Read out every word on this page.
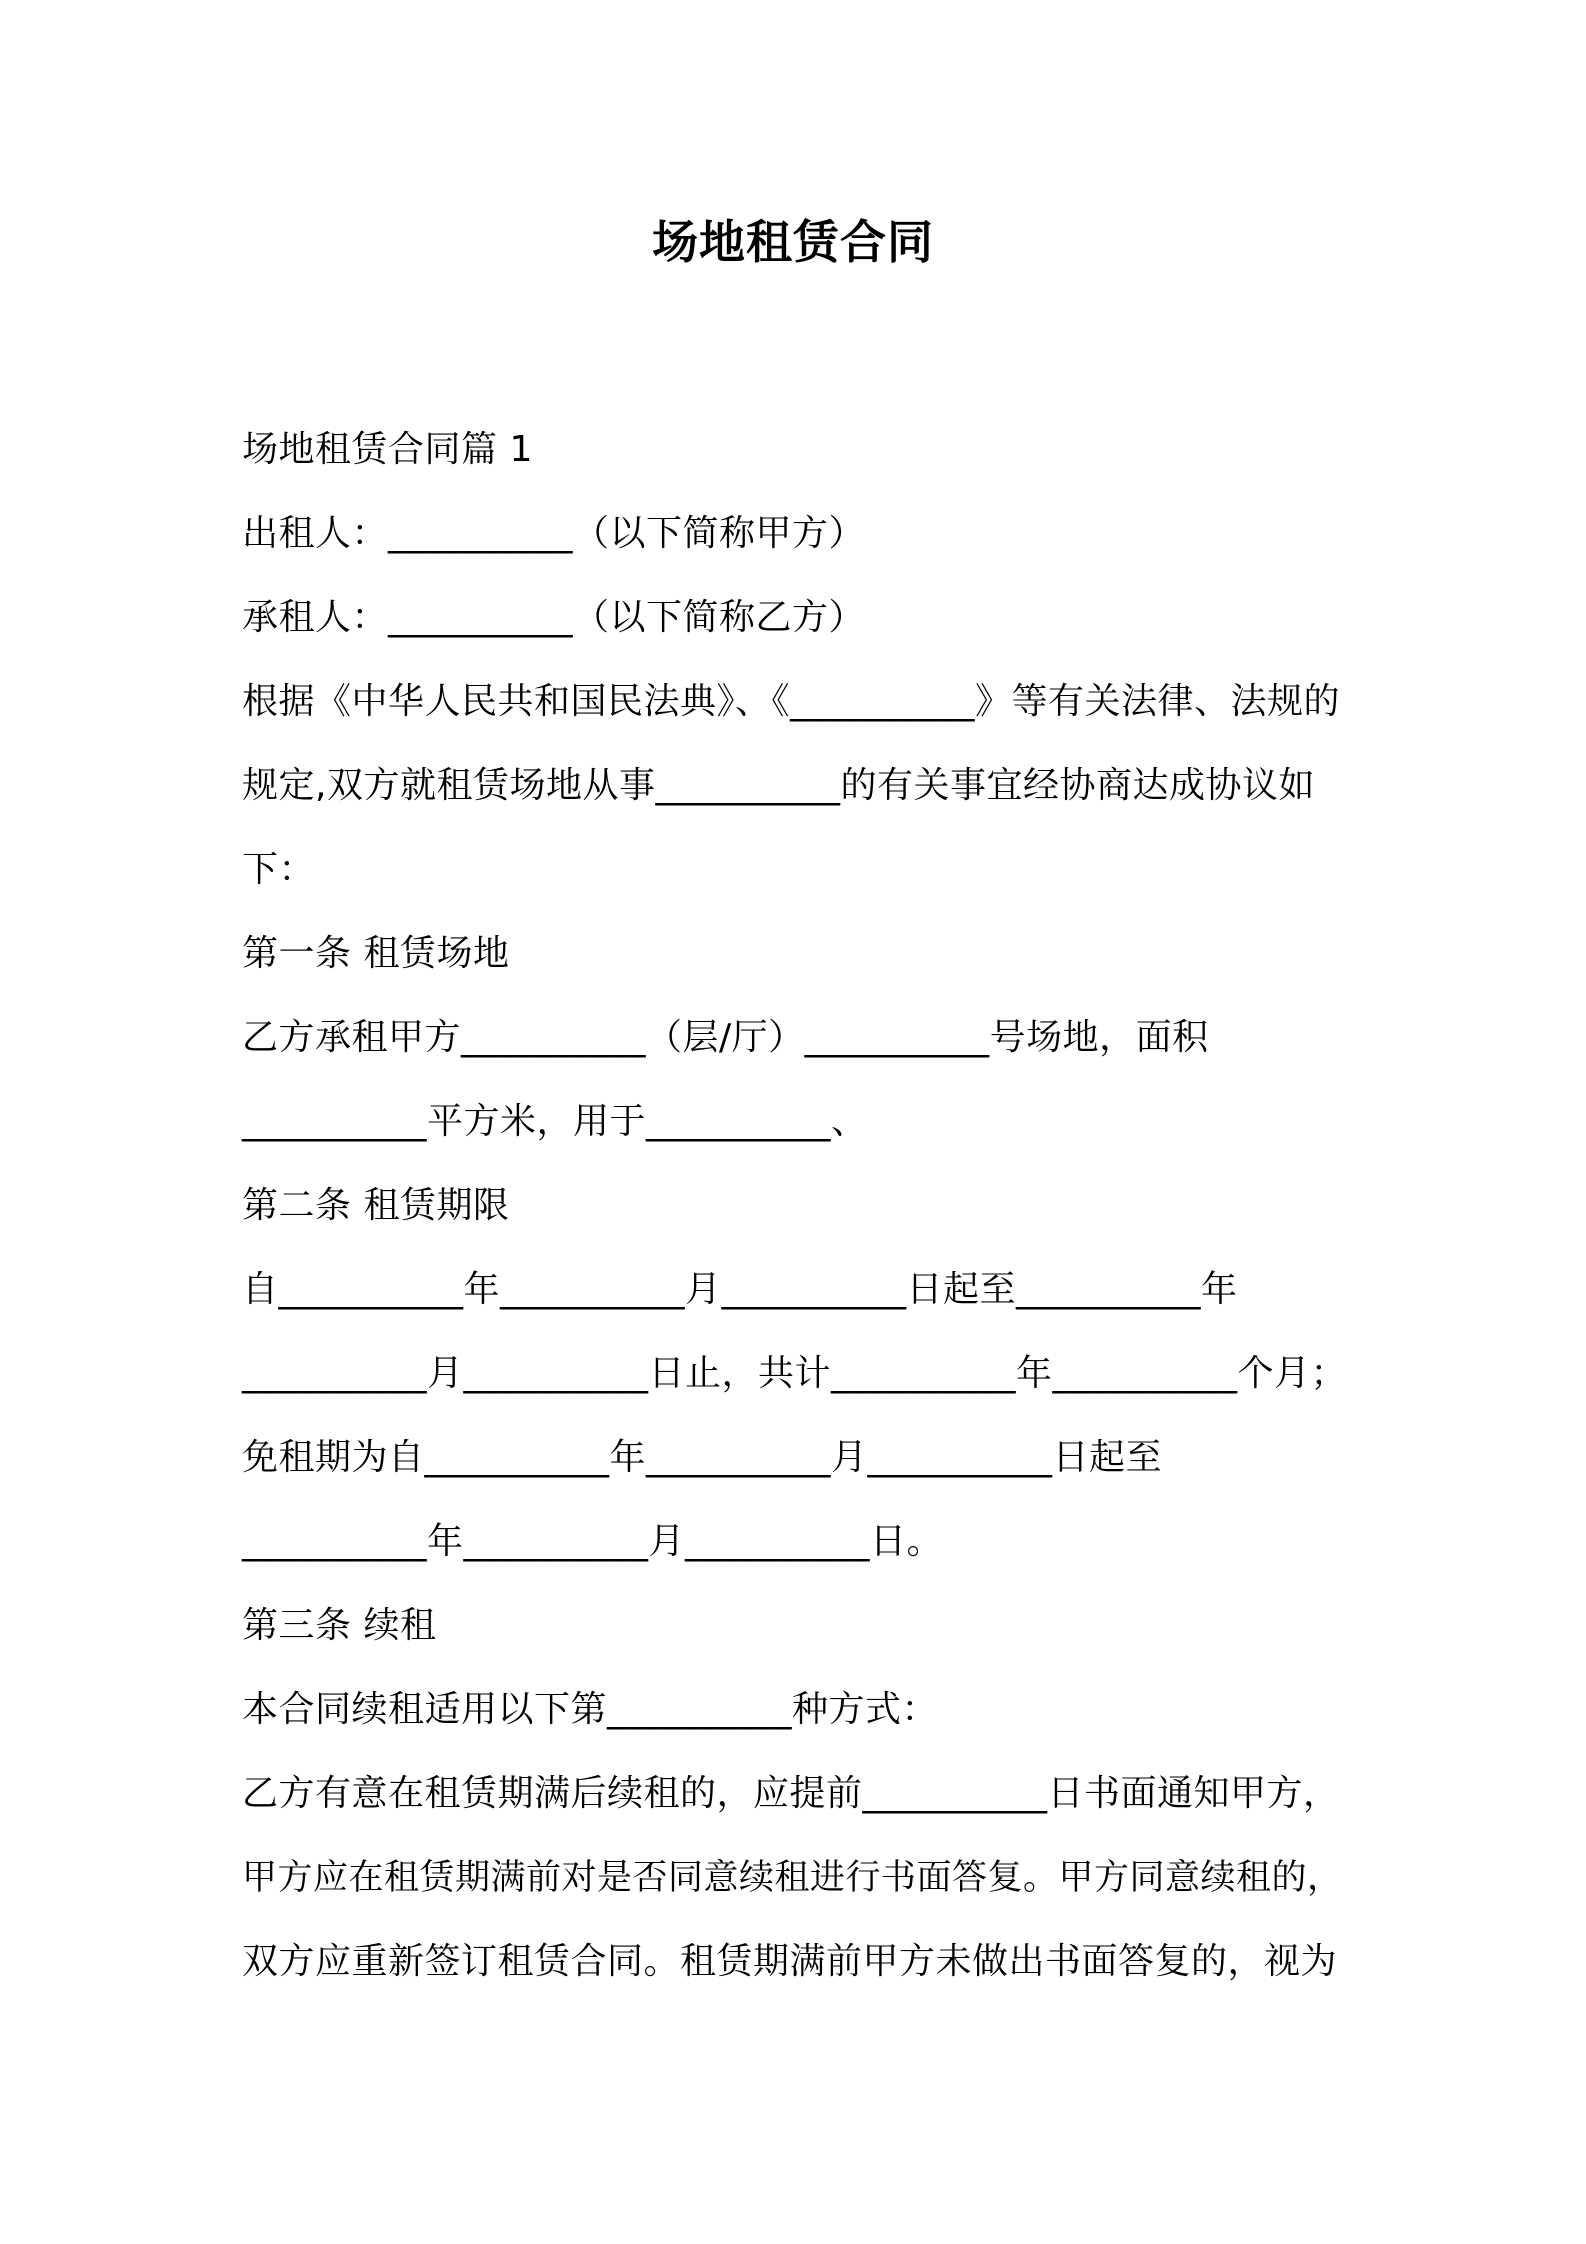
场地租赁合同
场地租赁合同篇 1
出租人：__________（以下简称甲方）
承租人：__________（以下简称乙方）
根据《中华人民共和国民法典》、《__________》等有关法律、法规的
规定,双方就租赁场地从事__________的有关事宜经协商达成协议如
下：
第一条 租赁场地
乙方承租甲方__________（层/厅）__________号场地，面积
__________平方米，用于__________、
第二条 租赁期限
自__________年__________月__________日起至__________年
__________月__________日止，共计__________年__________个月；
免租期为自__________年__________月__________日起至
__________年__________月__________日。
第三条 续租
本合同续租适用以下第__________种方式：
乙方有意在租赁期满后续租的，应提前__________日书面通知甲方，
甲方应在租赁期满前对是否同意续租进行书面答复。甲方同意续租的，
双方应重新签订租赁合同。租赁期满前甲方未做出书面答复的，视为
